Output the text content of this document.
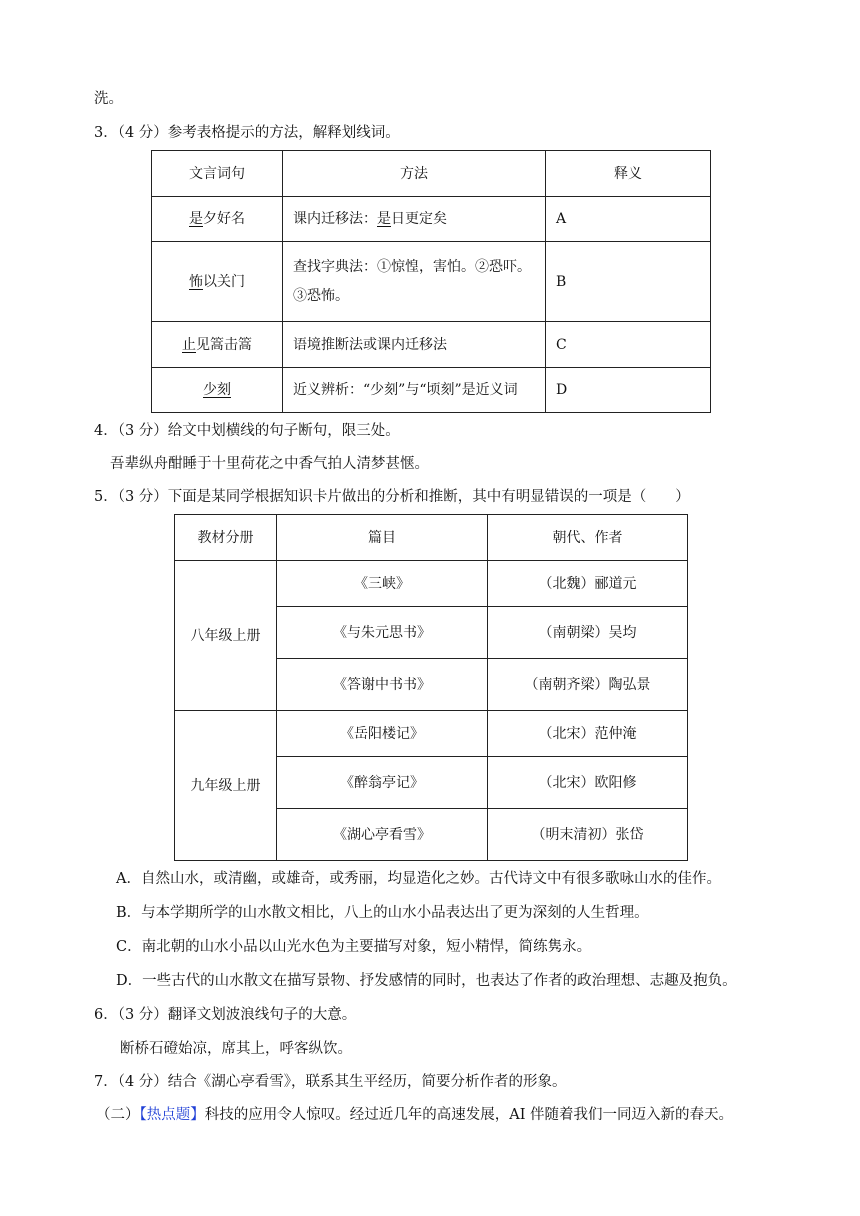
洗。
3．（4 分）参考表格提示的方法，解释划线词。
文言词句	方法	释义
是夕好名	课内迁移法：是日更定矣	A
怖以关门	查找字典法：①惊惶，害怕。②恐吓。
③恐怖。	B
止见篙击篙	语境推断法或课内迁移法	C
少刻	近义辨析：“少刻”与“顷刻”是近义词	D
4．（3 分）给文中划横线的句子断句，限三处。
吾辈纵舟酣睡于十里荷花之中香气拍人清梦甚惬。
5．（3 分）下面是某同学根据知识卡片做出的分析和推断，其中有明显错误的一项是（　　）
教材分册	篇目	朝代、作者
八年级上册	《三峡》	（北魏）郦道元
	《与朱元思书》	（南朝梁）吴均
	《答谢中书书》	（南朝齐梁）陶弘景
九年级上册	《岳阳楼记》	（北宋）范仲淹
	《醉翁亭记》	（北宋）欧阳修
	《湖心亭看雪》	（明末清初）张岱
A．自然山水，或清幽，或雄奇，或秀丽，均显造化之妙。古代诗文中有很多歌咏山水的佳作。
B．与本学期所学的山水散文相比，八上的山水小品表达出了更为深刻的人生哲理。
C．南北朝的山水小品以山光水色为主要描写对象，短小精悍，简练隽永。
D．一些古代的山水散文在描写景物、抒发感情的同时，也表达了作者的政治理想、志趣及抱负。
6．（3 分）翻译文划波浪线句子的大意。
断桥石磴始凉，席其上，呼客纵饮。
7．（4 分）结合《湖心亭看雪》，联系其生平经历，简要分析作者的形象。
（二）【热点题】科技的应用令人惊叹。经过近几年的高速发展，AI 伴随着我们一同迈入新的春天。
